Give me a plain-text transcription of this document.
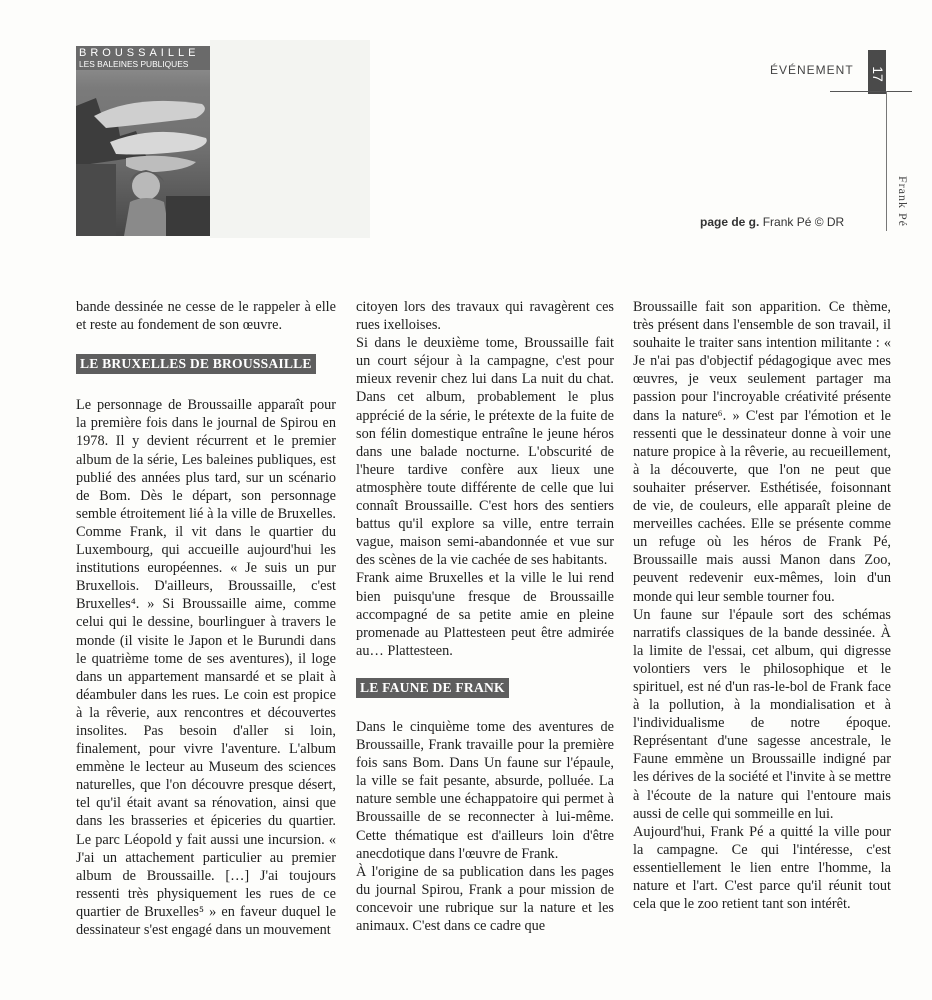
BROUSSAILLE
LES BALEINES PUBLIQUES	ÉVÉNEMENT 17
Frank Pé
page de g. Frank Pé © DR

bande dessinée ne cesse de le rappeler à elle et reste au fondement de son œuvre.

LE BRUXELLES DE BROUSSAILLE

Le personnage de Broussaille apparaît pour la première fois dans le journal de Spirou en 1978. Il y devient récurrent et le premier album de la série, Les baleines publiques, est publié des années plus tard, sur un scénario de Bom. Dès le départ, son personnage semble étroitement lié à la ville de Bruxelles. Comme Frank, il vit dans le quartier du Luxembourg, qui accueille aujourd'hui les institutions européennes. « Je suis un pur Bruxellois. D'ailleurs, Broussaille, c'est Bruxelles⁴. » Si Broussaille aime, comme celui qui le dessine, bourlinguer à travers le monde (il visite le Japon et le Burundi dans le quatrième tome de ses aventures), il loge dans un appartement mansardé et se plait à déambuler dans les rues. Le coin est propice à la rêverie, aux rencontres et découvertes insolites. Pas besoin d'aller si loin, finalement, pour vivre l'aventure. L'album emmène le lecteur au Museum des sciences naturelles, que l'on découvre presque désert, tel qu'il était avant sa rénovation, ainsi que dans les brasseries et épiceries du quartier. Le parc Léopold y fait aussi une incursion. « J'ai un attachement particulier au premier album de Broussaille. […] J'ai toujours ressenti très physiquement les rues de ce quartier de Bruxelles⁵ » en faveur duquel le dessinateur s'est engagé dans un mouvement

citoyen lors des travaux qui ravagèrent ces rues ixelloises.

Si dans le deuxième tome, Broussaille fait un court séjour à la campagne, c'est pour mieux revenir chez lui dans La nuit du chat. Dans cet album, probablement le plus apprécié de la série, le prétexte de la fuite de son félin domestique entraîne le jeune héros dans une balade nocturne. L'obscurité de l'heure tardive confère aux lieux une atmosphère toute différente de celle que lui connaît Broussaille. C'est hors des sentiers battus qu'il explore sa ville, entre terrain vague, maison semi-abandonnée et vue sur des scènes de la vie cachée de ses habitants.

Frank aime Bruxelles et la ville le lui rend bien puisqu'une fresque de Broussaille accompagné de sa petite amie en pleine promenade au Plattesteen peut être admirée au… Plattesteen.

LE FAUNE DE FRANK

Dans le cinquième tome des aventures de Broussaille, Frank travaille pour la première fois sans Bom. Dans Un faune sur l'épaule, la ville se fait pesante, absurde, polluée. La nature semble une échappatoire qui permet à Broussaille de se reconnecter à lui-même. Cette thématique est d'ailleurs loin d'être anecdotique dans l'œuvre de Frank.

À l'origine de sa publication dans les pages du journal Spirou, Frank a pour mission de concevoir une rubrique sur la nature et les animaux. C'est dans ce cadre que

Broussaille fait son apparition. Ce thème, très présent dans l'ensemble de son travail, il souhaite le traiter sans intention militante : « Je n'ai pas d'objectif pédagogique avec mes œuvres, je veux seulement partager ma passion pour l'incroyable créativité présente dans la nature⁶. » C'est par l'émotion et le ressenti que le dessinateur donne à voir une nature propice à la rêverie, au recueillement, à la découverte, que l'on ne peut que souhaiter préserver. Esthétisée, foisonnant de vie, de couleurs, elle apparaît pleine de merveilles cachées. Elle se présente comme un refuge où les héros de Frank Pé, Broussaille mais aussi Manon dans Zoo, peuvent redevenir eux-mêmes, loin d'un monde qui leur semble tourner fou.

Un faune sur l'épaule sort des schémas narratifs classiques de la bande dessinée. À la limite de l'essai, cet album, qui digresse volontiers vers le philosophique et le spirituel, est né d'un ras-le-bol de Frank face à la pollution, à la mondialisation et à l'individualisme de notre époque. Représentant d'une sagesse ancestrale, le Faune emmène un Broussaille indigné par les dérives de la société et l'invite à se mettre à l'écoute de la nature qui l'entoure mais aussi de celle qui sommeille en lui.

Aujourd'hui, Frank Pé a quitté la ville pour la campagne. Ce qui l'intéresse, c'est essentiellement le lien entre l'homme, la nature et l'art. C'est parce qu'il réunit tout cela que le zoo retient tant son intérêt.
